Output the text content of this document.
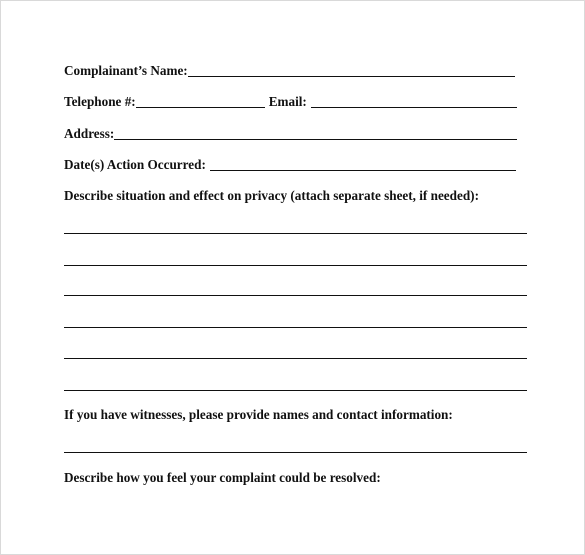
Complainant’s Name:
Telephone #:	Email:
Address:
Date(s) Action Occurred:
Describe situation and effect on privacy (attach separate sheet, if needed):
If you have witnesses, please provide names and contact information:
Describe how you feel your complaint could be resolved:
